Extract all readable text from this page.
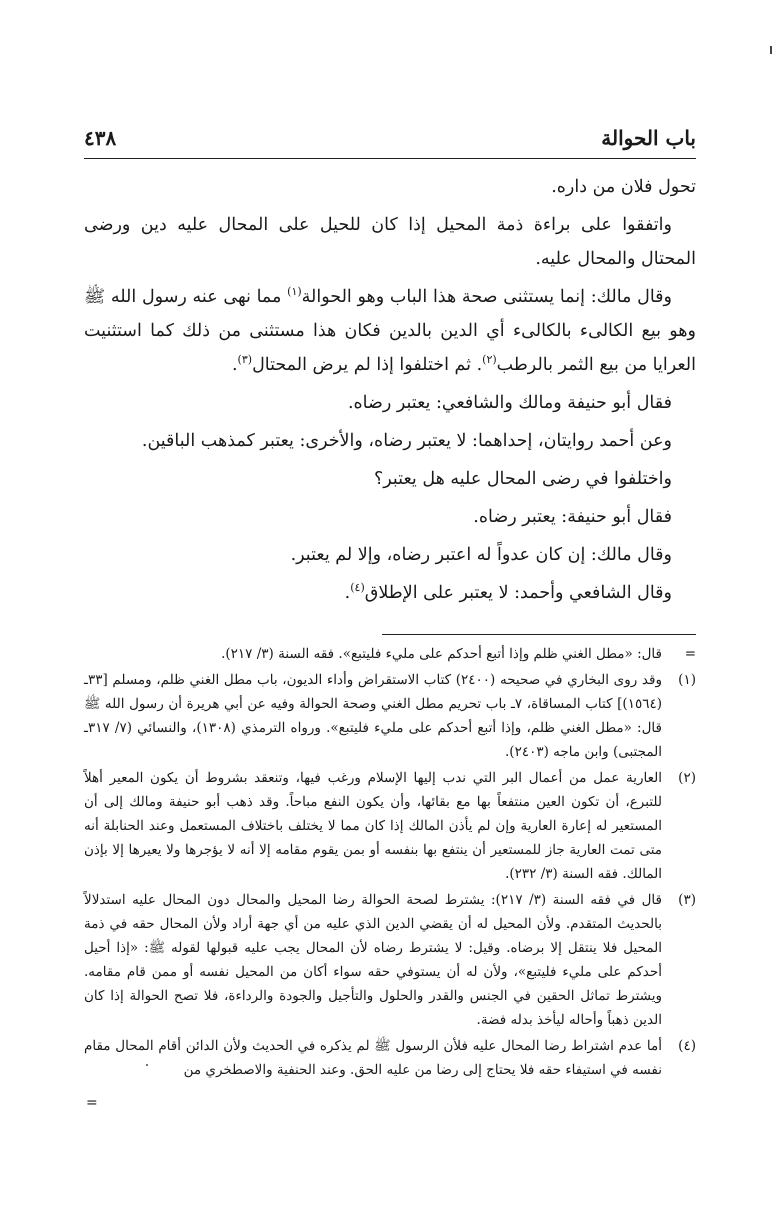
باب الحوالة
٤٣٨

تحول فلان من داره.

واتفقوا على براءة ذمة المحيل إذا كان للحيل على المحال عليه دين ورضى المحتال والمحال عليه.

وقال مالك: إنما يستثنى صحة هذا الباب وهو الحوالة$^{(١)}$ مما نهى عنه رسول الله ﷺ وهو بيع الكالىء بالكالىء أي الدين بالدين فكان هذا مستثنى من ذلك كما استثنيت العرايا من بيع الثمر بالرطب$^{(٢)}$. ثم اختلفوا إذا لم يرض المحتال$^{(٣)}$.

فقال أبو حنيفة ومالك والشافعي: يعتبر رضاه.

وعن أحمد روايتان، إحداهما: لا يعتبر رضاه، والأخرى: يعتبر كمذهب الباقين.

واختلفوا في رضى المحال عليه هل يعتبر؟

فقال أبو حنيفة: يعتبر رضاه.

وقال مالك: إن كان عدواً له اعتبر رضاه، وإلا لم يعتبر.

وقال الشافعي وأحمد: لا يعتبر على الإطلاق$^{(٤)}$.

=
قال: «مطل الغني ظلم وإذا أتبع أحدكم على مليء فليتبع». فقه السنة (٣/ ٢١٧).
(١)
وقد روى البخاري في صحيحه (٢٤٠٠) كتاب الاستقراض وأداء الديون، باب مطل الغني ظلم، ومسلم [٣٣ـ (١٥٦٤)] كتاب المساقاة، ٧ـ باب تحريم مطل الغني وصحة الحوالة وفيه عن أبي هريرة أن رسول الله ﷺ قال: «مطل الغني ظلم، وإذا أتبع أحدكم على مليء فليتبع». ورواه الترمذي (١٣٠٨)، والنسائي (٧/ ٣١٧ـ المجتبى) وابن ماجه (٢٤٠٣).
(٢)
العارية عمل من أعمال البر التي ندب إليها الإسلام ورغب فيها، وتنعقد بشروط أن يكون المعير أهلاً للتبرع، أن تكون العين منتفعاً بها مع بقائها، وأن يكون النفع مباحاً. وقد ذهب أبو حنيفة ومالك إلى أن المستعير له إعارة العارية وإن لم يأذن المالك إذا كان مما لا يختلف باختلاف المستعمل وعند الحنابلة أنه متى تمت العارية جاز للمستعير أن ينتفع بها بنفسه أو بمن يقوم مقامه إلا أنه لا يؤجرها ولا يعيرها إلا بإذن المالك. فقه السنة (٣/ ٢٣٢).
(٣)
قال في فقه السنة (٣/ ٢١٧): يشترط لصحة الحوالة رضا المحيل والمحال دون المحال عليه استدلالاً بالحديث المتقدم. ولأن المحيل له أن يقضي الدين الذي عليه من أي جهة أراد ولأن المحال حقه في ذمة المحيل فلا ينتقل إلا برضاه. وقيل: لا يشترط رضاه لأن المحال يجب عليه قبولها لقوله ﷺ: «إذا أحيل أحدكم على مليء فليتبع»، ولأن له أن يستوفي حقه سواء أكان من المحيل نفسه أو ممن قام مقامه. ويشترط تماثل الحقين في الجنس والقدر والحلول والتأجيل والجودة والرداءة، فلا تصح الحوالة إذا كان الدين ذهباً وأحاله ليأخذ بدله فضة.
(٤)
أما عدم اشتراط رضا المحال عليه فلأن الرسول ﷺ لم يذكره في الحديث ولأن الدائن أقام المحال مقام نفسه في استيفاء حقه فلا يحتاج إلى رضا من عليه الحق. وعند الحنفية والاصطخري من
=
